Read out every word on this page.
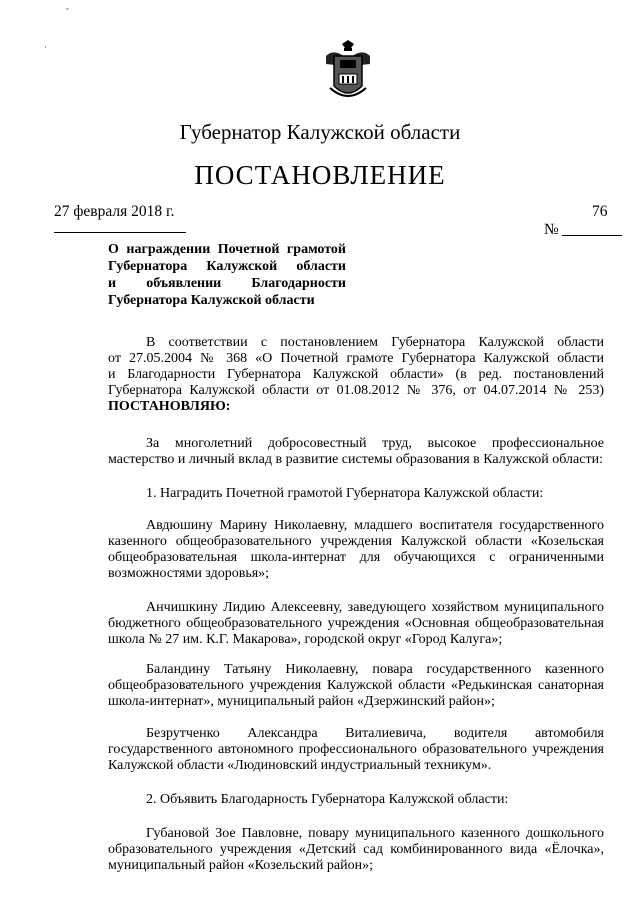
ˇ
·
Губернатор Калужской области
ПОСТАНОВЛЕНИЕ
27 февраля 2018 г.	76
№
О награждении Почетной грамотой
Губернатора Калужской области
и объявлении Благодарности
Губернатора Калужской области
В соответствии с постановлением Губернатора Калужской области
от 27.05.2004 № 368 «О Почетной грамоте Губернатора Калужской области
и Благодарности Губернатора Калужской области» (в ред. постановлений
Губернатора Калужской области от 01.08.2012 № 376, от 04.07.2014 № 253)
ПОСТАНОВЛЯЮ:
За многолетний добросовестный труд, высокое профессиональное
мастерство и личный вклад в развитие системы образования в Калужской области:
1. Наградить Почетной грамотой Губернатора Калужской области:
Авдюшину Марину Николаевну, младшего воспитателя государственного
казенного общеобразовательного учреждения Калужской области «Козельская
общеобразовательная школа-интернат для обучающихся с ограниченными
возможностями здоровья»;
Анчишкину Лидию Алексеевну, заведующего хозяйством муниципального
бюджетного общеобразовательного учреждения «Основная общеобразовательная
школа № 27 им. К.Г. Макарова», городской округ «Город Калуга»;
Баландину Татьяну Николаевну, повара государственного казенного
общеобразовательного учреждения Калужской области «Редькинская санаторная
школа-интернат», муниципальный район «Дзержинский район»;
Безрутченко Александра Виталиевича, водителя автомобиля
государственного автономного профессионального образовательного учреждения
Калужской области «Людиновский индустриальный техникум».
2. Объявить Благодарность Губернатора Калужской области:
Губановой Зое Павловне, повару муниципального казенного дошкольного
образовательного учреждения «Детский сад комбинированного вида «Ёлочка»,
муниципальный район «Козельский район»;
